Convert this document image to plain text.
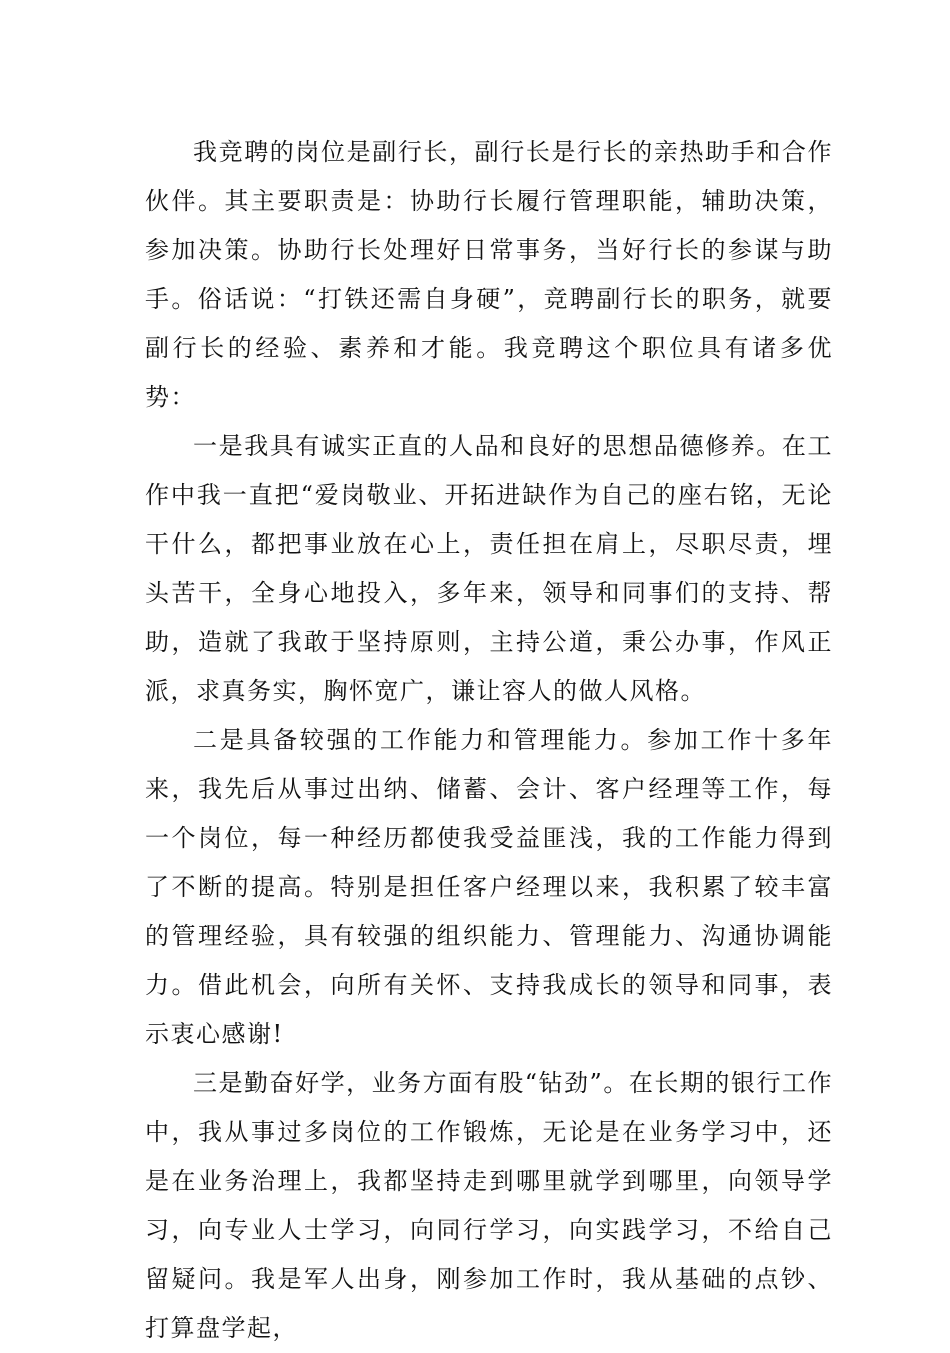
我竞聘的岗位是副行长，副行长是行长的亲热助手和合作伙伴。其主要职责是：协助行长履行管理职能，辅助决策，参加决策。协助行长处理好日常事务，当好行长的参谋与助手。俗话说：“打铁还需自身硬”，竞聘副行长的职务，就要副行长的经验、素养和才能。我竞聘这个职位具有诸多优势：

一是我具有诚实正直的人品和良好的思想品德修养。在工作中我一直把“爱岗敬业、开拓进缺作为自己的座右铭，无论干什么，都把事业放在心上，责任担在肩上，尽职尽责，埋头苦干，全身心地投入，多年来，领导和同事们的支持、帮助，造就了我敢于坚持原则，主持公道，秉公办事，作风正派，求真务实，胸怀宽广，谦让容人的做人风格。

二是具备较强的工作能力和管理能力。参加工作十多年来，我先后从事过出纳、储蓄、会计、客户经理等工作，每一个岗位，每一种经历都使我受益匪浅，我的工作能力得到了不断的提高。特别是担任客户经理以来，我积累了较丰富的管理经验，具有较强的组织能力、管理能力、沟通协调能力。借此机会，向所有关怀、支持我成长的领导和同事，表示衷心感谢!

三是勤奋好学，业务方面有股“钻劲”。在长期的银行工作中，我从事过多岗位的工作锻炼，无论是在业务学习中，还是在业务治理上，我都坚持走到哪里就学到哪里，向领导学习，向专业人士学习，向同行学习，向实践学习，不给自己留疑问。我是军人出身，刚参加工作时，我从基础的点钞、打算盘学起，
